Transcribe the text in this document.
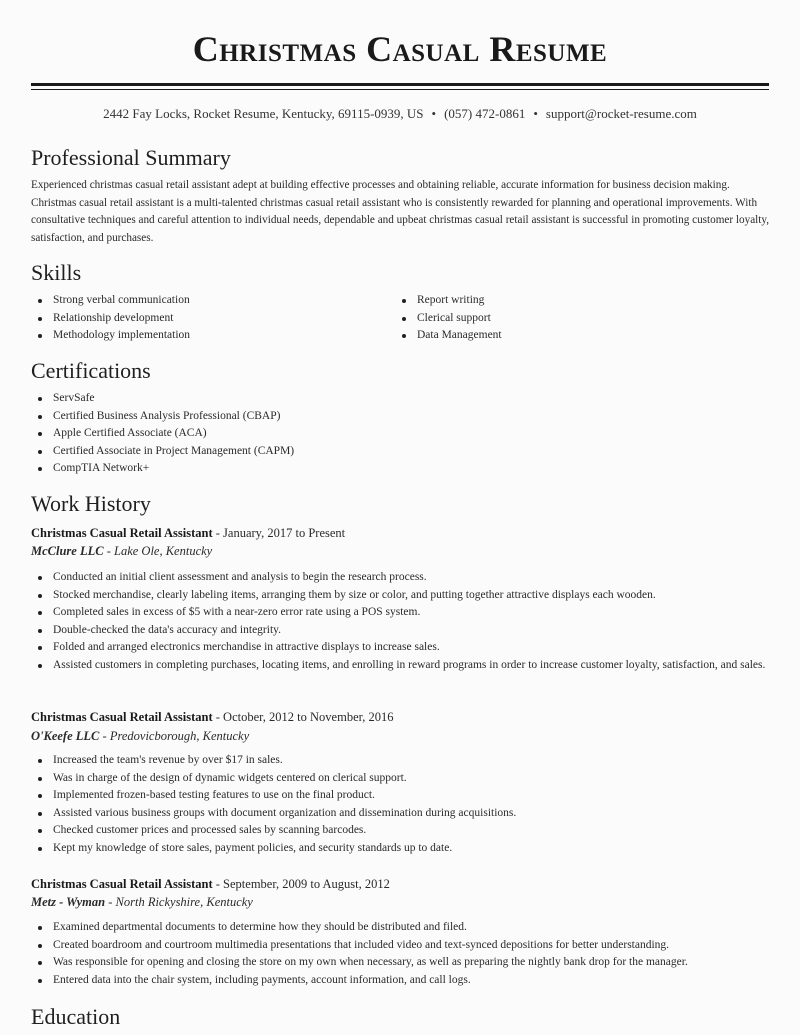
Christmas Casual Resume
2442 Fay Locks, Rocket Resume, Kentucky, 69115-0939, US • (057) 472-0861 • support@rocket-resume.com
Professional Summary
Experienced christmas casual retail assistant adept at building effective processes and obtaining reliable, accurate information for business decision making. Christmas casual retail assistant is a multi-talented christmas casual retail assistant who is consistently rewarded for planning and operational improvements. With consultative techniques and careful attention to individual needs, dependable and upbeat christmas casual retail assistant is successful in promoting customer loyalty, satisfaction, and purchases.
Skills
Strong verbal communication
Relationship development
Methodology implementation
Report writing
Clerical support
Data Management
Certifications
ServSafe
Certified Business Analysis Professional (CBAP)
Apple Certified Associate (ACA)
Certified Associate in Project Management (CAPM)
CompTIA Network+
Work History
Christmas Casual Retail Assistant - January, 2017 to Present
McClure LLC - Lake Ole, Kentucky
Conducted an initial client assessment and analysis to begin the research process.
Stocked merchandise, clearly labeling items, arranging them by size or color, and putting together attractive displays each wooden.
Completed sales in excess of $5 with a near-zero error rate using a POS system.
Double-checked the data's accuracy and integrity.
Folded and arranged electronics merchandise in attractive displays to increase sales.
Assisted customers in completing purchases, locating items, and enrolling in reward programs in order to increase customer loyalty, satisfaction, and sales.
Christmas Casual Retail Assistant - October, 2012 to November, 2016
O'Keefe LLC - Predovicborough, Kentucky
Increased the team's revenue by over $17 in sales.
Was in charge of the design of dynamic widgets centered on clerical support.
Implemented frozen-based testing features to use on the final product.
Assisted various business groups with document organization and dissemination during acquisitions.
Checked customer prices and processed sales by scanning barcodes.
Kept my knowledge of store sales, payment policies, and security standards up to date.
Christmas Casual Retail Assistant - September, 2009 to August, 2012
Metz - Wyman - North Rickyshire, Kentucky
Examined departmental documents to determine how they should be distributed and filed.
Created boardroom and courtroom multimedia presentations that included video and text-synced depositions for better understanding.
Was responsible for opening and closing the store on my own when necessary, as well as preparing the nightly bank drop for the manager.
Entered data into the chair system, including payments, account information, and call logs.
Education
